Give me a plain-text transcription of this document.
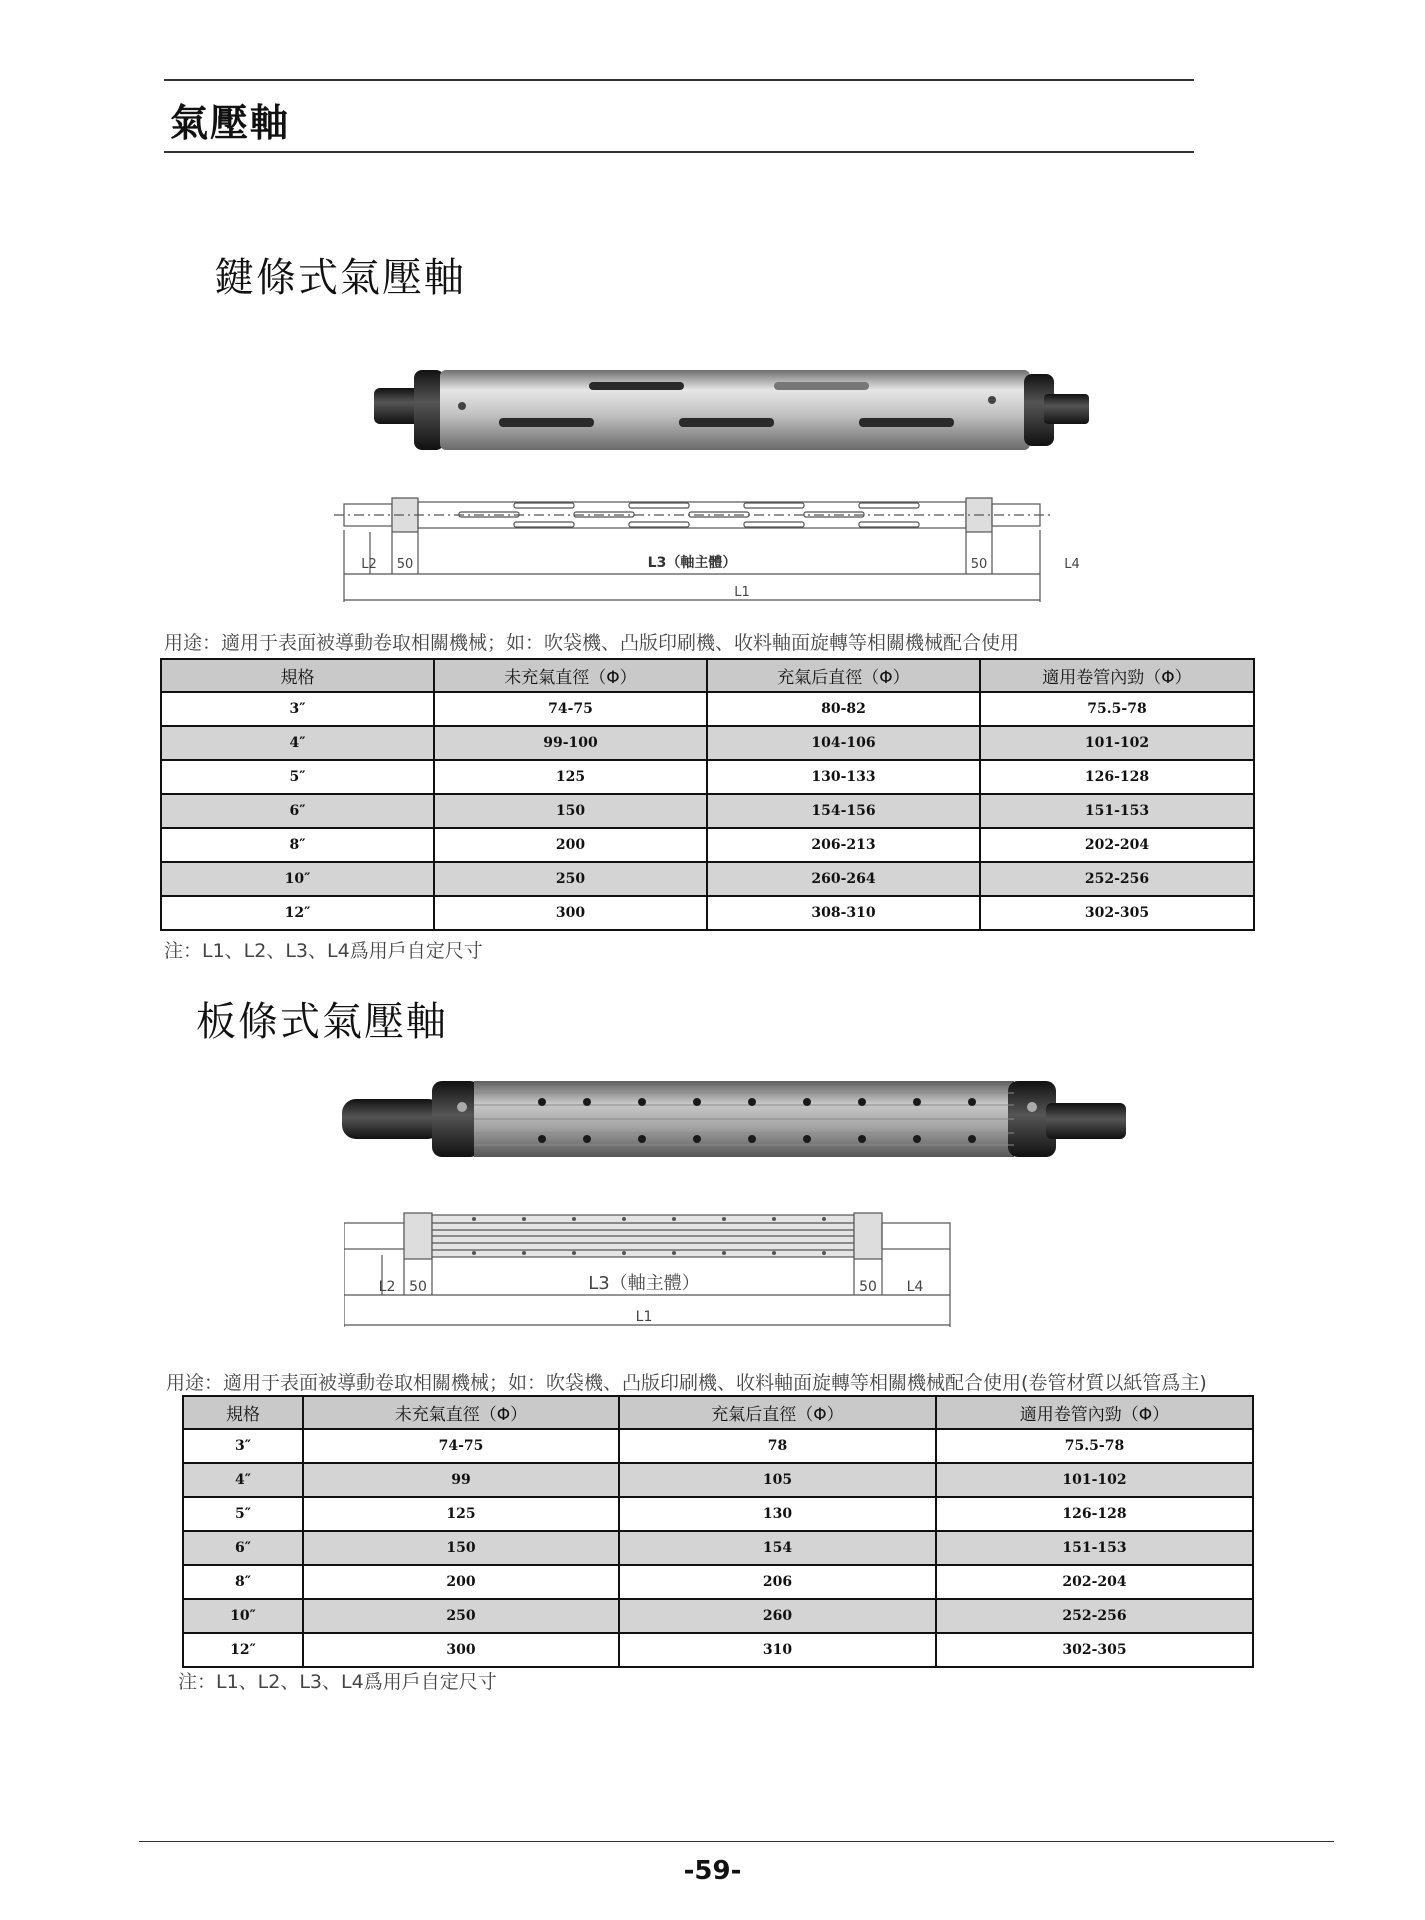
氣壓軸
鍵條式氣壓軸
L2 50	L3（軸主體）	50	L4
L1
用途：適用于表面被導動卷取相關機械；如：吹袋機、凸版印刷機、收料軸面旋轉等相關機械配合使用
規格	未充氣直徑（Φ）	充氣后直徑（Φ）	適用卷管內勁（Φ）
3″	74-75	80-82	75.5-78
4″	99-100	104-106	101-102
5″	125	130-133	126-128
6″	150	154-156	151-153
8″	200	206-213	202-204
10″	250	260-264	252-256
12″	300	308-310	302-305
注：L1、L2、L3、L4爲用戶自定尺寸
板條式氣壓軸
L2 50	L3（軸主體）	50 L4
L1
用途：適用于表面被導動卷取相關機械；如：吹袋機、凸版印刷機、收料軸面旋轉等相關機械配合使用(卷管材質以紙管爲主)
規格	未充氣直徑（Φ）	充氣后直徑（Φ）	適用卷管內勁（Φ）
3″	74-75	78	75.5-78
4″	99	105	101-102
5″	125	130	126-128
6″	150	154	151-153
8″	200	206	202-204
10″	250	260	252-256
12″	300	310	302-305
注：L1、L2、L3、L4爲用戶自定尺寸
-59-
